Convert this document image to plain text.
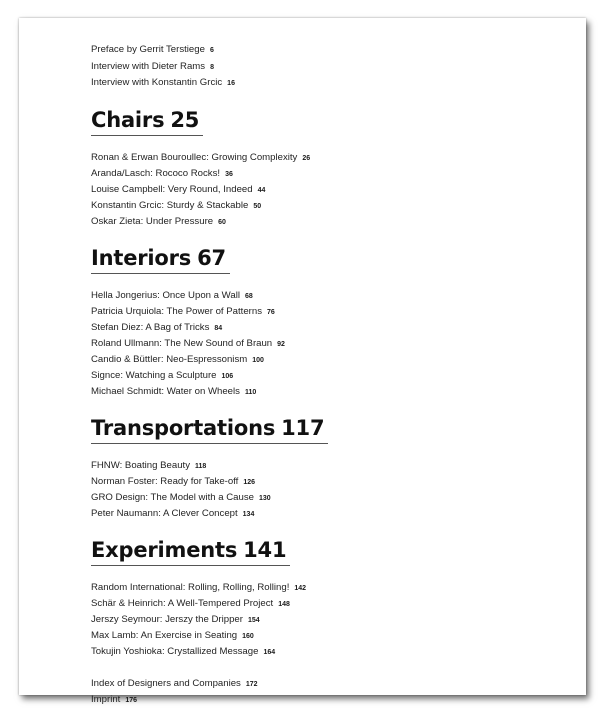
Preface by Gerrit Terstiege 6
Interview with Dieter Rams 8
Interview with Konstantin Grcic 16
Chairs 25
Ronan & Erwan Bouroullec: Growing Complexity 26
Aranda/Lasch: Rococo Rocks! 36
Louise Campbell: Very Round, Indeed 44
Konstantin Grcic: Sturdy & Stackable 50
Oskar Zieta: Under Pressure 60
Interiors 67
Hella Jongerius: Once Upon a Wall 68
Patricia Urquiola: The Power of Patterns 76
Stefan Diez: A Bag of Tricks 84
Roland Ullmann: The New Sound of Braun 92
Candio & Büttler: Neo-Espressonism 100
Signce: Watching a Sculpture 106
Michael Schmidt: Water on Wheels 110
Transportations 117
FHNW: Boating Beauty 118
Norman Foster: Ready for Take-off 126
GRO Design: The Model with a Cause 130
Peter Naumann: A Clever Concept 134
Experiments 141
Random International: Rolling, Rolling, Rolling! 142
Schär & Heinrich: A Well-Tempered Project 148
Jerszy Seymour: Jerszy the Dripper 154
Max Lamb: An Exercise in Seating 160
Tokujin Yoshioka: Crystallized Message 164
Index of Designers and Companies 172
Imprint 176
